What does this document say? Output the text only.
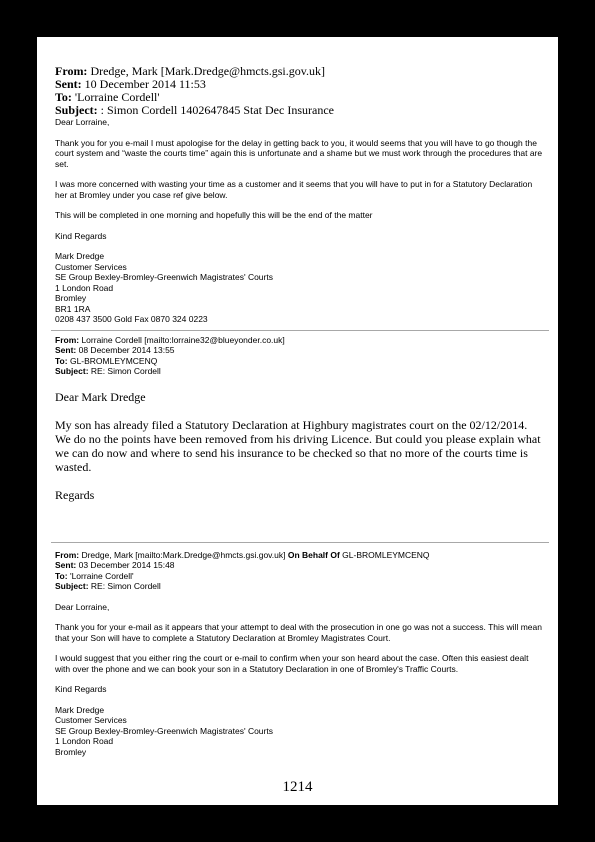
From: Dredge, Mark [Mark.Dredge@hmcts.gsi.gov.uk]
Sent: 10 December 2014 11:53
To: 'Lorraine Cordell'
Subject: : Simon Cordell 1402647845 Stat Dec Insurance

Dear Lorraine,

Thank you for you e-mail I must apologise for the delay in getting back to you, it would seems that you will have to go though the court system and “waste the courts time” again this is unfortunate and a shame but we must work through the procedures that are set.

I was more concerned with wasting your time as a customer and it seems that you will have to put in for a Statutory Declaration her at Bromley under you case ref give below.

This will be completed in one morning and hopefully this will be the end of the matter

Kind Regards

Mark Dredge
Customer Services
SE Group Bexley-Bromley-Greenwich Magistrates' Courts
1 London Road
Bromley
BR1 1RA
0208 437 3500 Gold Fax 0870 324 0223
From: Lorraine Cordell [mailto:lorraine32@blueyonder.co.uk]
Sent: 08 December 2014 13:55
To: GL-BROMLEYMCENQ
Subject: RE: Simon Cordell

Dear Mark Dredge

My son has already filed a Statutory Declaration at Highbury magistrates court on the 02/12/2014. We do no the points have been removed from his driving Licence. But could you please explain what we can do now and where to send his insurance to be checked so that no more of the courts time is wasted.

Regards

From: Dredge, Mark [mailto:Mark.Dredge@hmcts.gsi.gov.uk] On Behalf Of GL-BROMLEYMCENQ
Sent: 03 December 2014 15:48
To: 'Lorraine Cordell'
Subject: RE: Simon Cordell

Dear Lorraine,

Thank you for your e-mail as it appears that your attempt to deal with the prosecution in one go was not a success. This will mean that your Son will have to complete a Statutory Declaration at Bromley Magistrates Court.

I would suggest that you either ring the court or e-mail to confirm when your son heard about the case. Often this easiest dealt with over the phone and we can book your son in a Statutory Declaration in one of Bromley's Traffic Courts.

Kind Regards

Mark Dredge
Customer Services
SE Group Bexley-Bromley-Greenwich Magistrates' Courts
1 London Road
Bromley
1214
